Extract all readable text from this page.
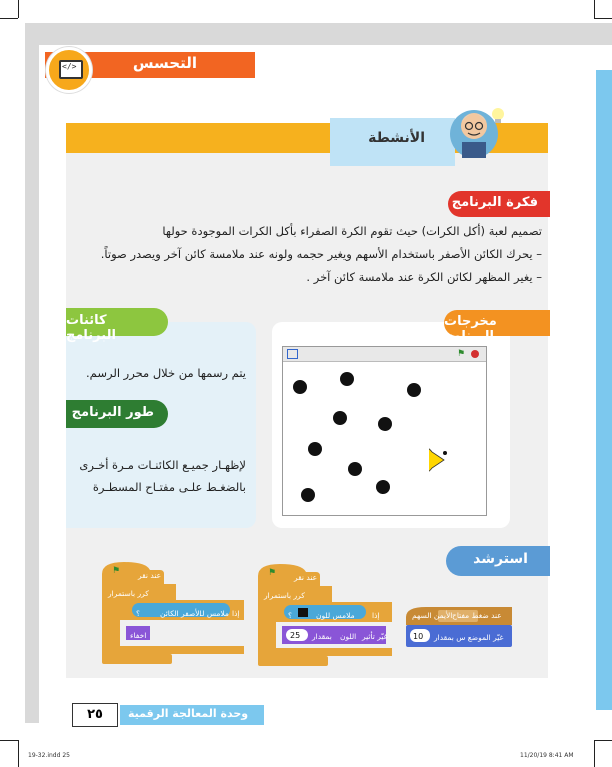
التحسس
</>
الأنشطة
فكرة البرنامج
تصميم لعبة (أكل الكرات) حيث تقوم الكرة الصفراء بأكل الكرات الموجودة حولها
– يحرك الكائن الأصفر باستخدام الأسهم ويغير حجمه ولونه عند ملامسة كائن آخر ويصدر صوتاً.
– يغير المظهر لكائن الكرة عند ملامسة كائن آخر .
مخرجات البرنامج
كائنات البرنامج
يتم رسمها من خلال محرر الرسم.
طور البرنامج
لإظهـار جميـع الكائنـات مـرة أخـرى
بالضغـط علـى مفتـاح المسطـرة
⚑
استرشد
⚑ عند نقر
كرر باستمرار
إذا
؟	الأصفر الكائن
ملامس لـ
اخفاء
⚑ عند نقر
كرر باستمرار
إذا
؟	ملامس للون
25 بمقدار اللون غيّر تأثير
عند ضغط مفتاح
الأيمن السهم
10 غيّر الموضع س بمقدار
٢٥	وحدة المعالجة الرقمية
19-32.indd 25	11/20/19 8:41 AM
